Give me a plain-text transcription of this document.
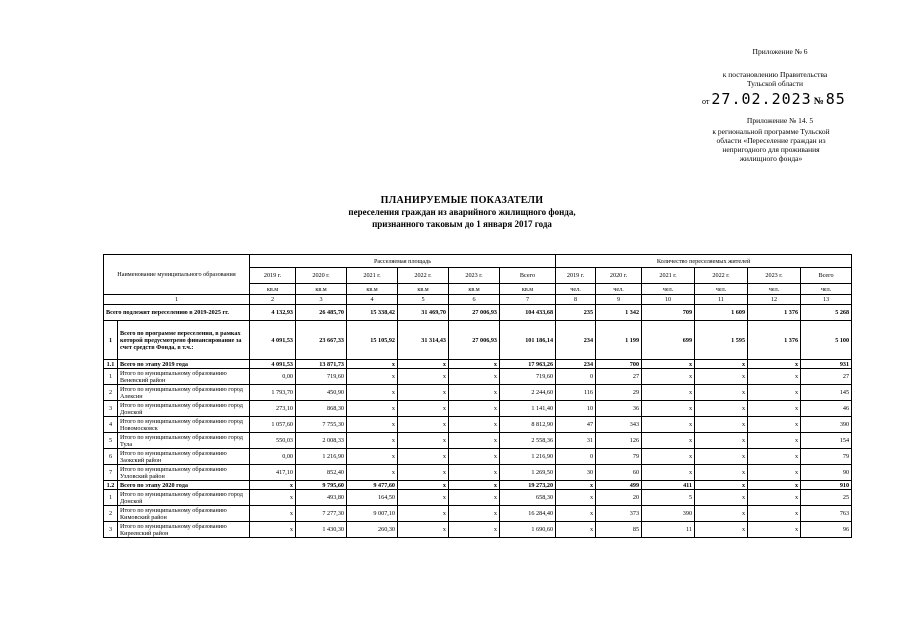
Приложение № 6
к постановлению Правительства
Тульской области
от 27.02.2023 № 85
Приложение № 14. 5
к региональной программе Тульской
области «Переселение граждан из
непригодного для проживания
жилищного фонда»
ПЛАНИРУЕМЫЕ ПОКАЗАТЕЛИ
переселения граждан из аварийного жилищного фонда,
признанного таковым до 1 января 2017 года
Наименование муниципального образования		Расселяемая площадь						Количество переселяемых жителей					
		2019 г.	2020 г.	2021 г.	2022 г.	2023 г.	Всего	2019 г.	2020 г.	2021 г.	2022 г.	2023 г.	Всего
		кв.м	кв.м	кв.м	кв.м	кв.м	кв.м	чел.	чел.	чел.	чел.	чел.	чел.
1		2	3	4	5	6	7	8	9	10	11	12	13
Всего подлежит переселению в 2019-2025 гг.		4 132,93	26 485,70	15 338,42	31 469,70	27 006,93	104 433,68	235	1 342	709	1 609	1 376	5 268
1	Всего по программе переселения, в рамках которой предусмотрено финансирование за счет средств Фонда, в т.ч.:	4 091,53	23 667,33	15 105,92	31 314,43	27 006,93	101 186,14	234	1 199	699	1 595	1 376	5 100
1.1	Всего по этапу 2019 года	4 091,53	13 871,73	x	x	x	17 963,26	234	700	x	x	x	931
1	Итого по муниципальному образованию Веневский район	0,00	719,60	x	x	x	719,60	0	27	x	x	x	27
2	Итого по муниципальному образованию город Алексин	1 793,70	450,90	x	x	x	2 244,60	116	29	x	x	x	145
3	Итого по муниципальному образованию город Донской	273,10	868,30	x	x	x	1 141,40	10	36	x	x	x	46
4	Итого по муниципальному образованию город Новомосковск	1 057,60	7 755,30	x	x	x	8 812,90	47	343	x	x	x	390
5	Итого по муниципальному образованию город Тула	550,03	2 008,33	x	x	x	2 558,36	31	126	x	x	x	154
6	Итого по муниципальному образованию Заокский район	0,00	1 216,90	x	x	x	1 216,90	0	79	x	x	x	79
7	Итого по муниципальному образованию Узловский район	417,10	852,40	x	x	x	1 269,50	30	60	x	x	x	90
1.2	Всего по этапу 2020 года	x	9 795,60	9 477,60	x	x	19 273,20	x	499	411	x	x	910
1	Итого по муниципальному образованию город Донской	x	493,80	164,50	x	x	658,30	x	20	5	x	x	25
2	Итого по муниципальному образованию Кимовский район	x	7 277,30	9 007,10	x	x	16 284,40	x	373	390	x	x	763
3	Итого по муниципальному образованию Киреевский район	x	1 430,30	260,30	x	x	1 690,60	x	85	11	x	x	96
